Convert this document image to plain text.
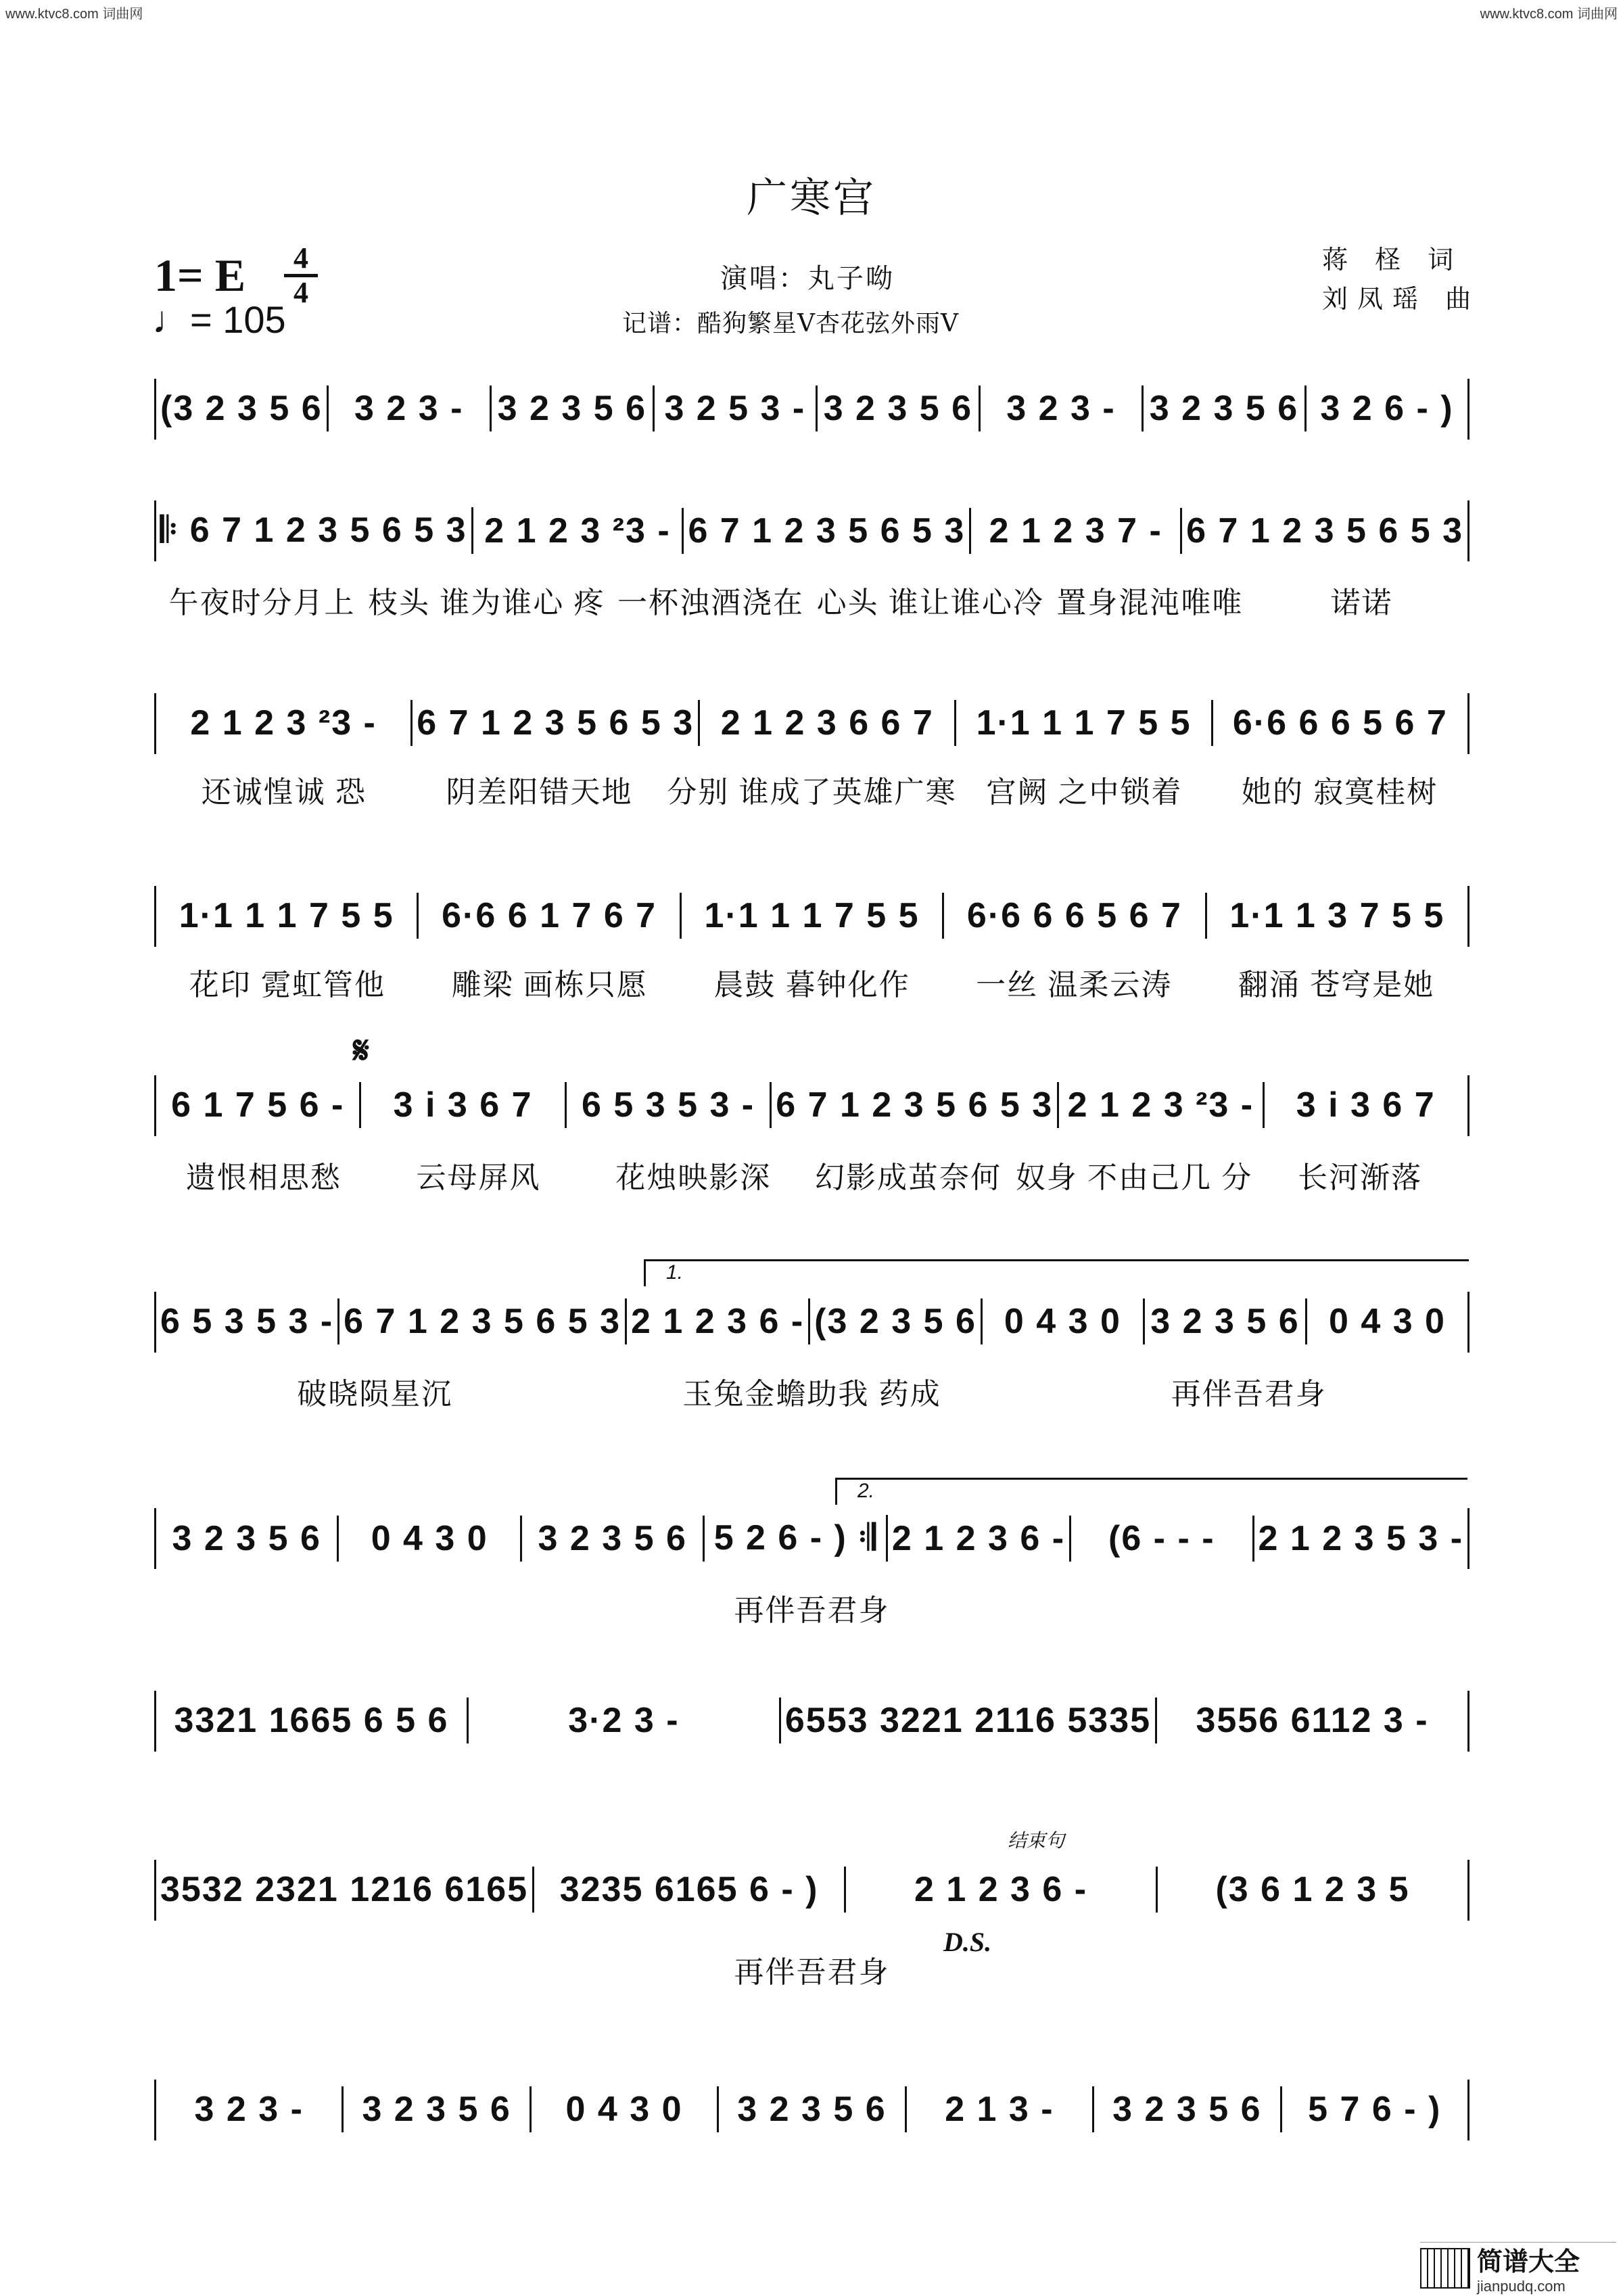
www.ktvc8.com 词曲网	www.ktvc8.com 词曲网
广寒宫
1= E	4
4
♩= 105
演唱：丸子呦
记谱：酷狗繁星V杏花弦外雨V
蒋 柽 词
刘凤瑶 曲
𝄋
1.
2.
结束句
D.S.
(3 2 3 5 6 3 2 3 - 3 2 3 5 6 3 2 5 3 - 3 2 3 5 6 3 2 3 - 3 2 3 5 6 3 2 6 - )
𝄆 6 7 1 2 3 5 6 5 3 2 1 2 3 ²3 - 6 7 1 2 3 5 6 5 3 2 1 2 3 7 - 6 7 1 2 3 5 6 5 3
午夜时分月上 枝头 谁为谁心 疼 一杯浊酒浇在 心头 谁让谁心冷 置身混沌唯唯	诺诺
2 1 2 3 ²3 -	6 7 1 2 3 5 6 5 3 2 1 2 3 6 6 7	1·1 1 1 7 5 5	6·6 6 6 5 6 7
还诚惶诚 恐	阴差阳错天地	分别 谁成了英雄广寒 宫阙 之中锁着	她的 寂寞桂树
1·1 1 1 7 5 5	6·6 6 1 7 6 7	1·1 1 1 7 5 5	6·6 6 6 5 6 7	1·1 1 3 7 5 5
花印 霓虹管他	雕梁 画栋只愿	晨鼓 暮钟化作	一丝 温柔云涛	翻涌 苍穹是她
6 1 7 5 6 -	3 i 3 6 7	6 5 3 5 3 - 6 7 1 2 3 5 6 5 3 2 1 2 3 ²3 -	3 i 3 6 7
遗恨相思愁	云母屏风	花烛映影深	幻影成茧奈何 奴身 不由己几 分	长河渐落
6 5 3 5 3 - 6 7 1 2 3 5 6 5 3 2 1 2 3 6 - (3 2 3 5 6 0 4 3 0 3 2 3 5 6 0 4 3 0
破晓陨星沉	玉兔金蟾助我 药成	再伴吾君身
3 2 3 5 6	0 4 3 0	3 2 3 5 6 5 2 6 - ) 𝄇 2 1 2 3 6 -	(6 - - -	2 1 2 3 5 3 -
再伴吾君身
3321 1665 6 5 6	3·2 3 -	6553 3221 2116 5335	3556 6112 3 -
3532 2321 1216 6165 3235 6165 6 - )	2 1 2 3 6 -	(3 6 1 2 3 5
再伴吾君身
3 2 3 -	3 2 3 5 6	0 4 3 0	3 2 3 5 6	2 1 3 -	3 2 3 5 6	5 7 6 - )
简谱大全
jianpudq.com
